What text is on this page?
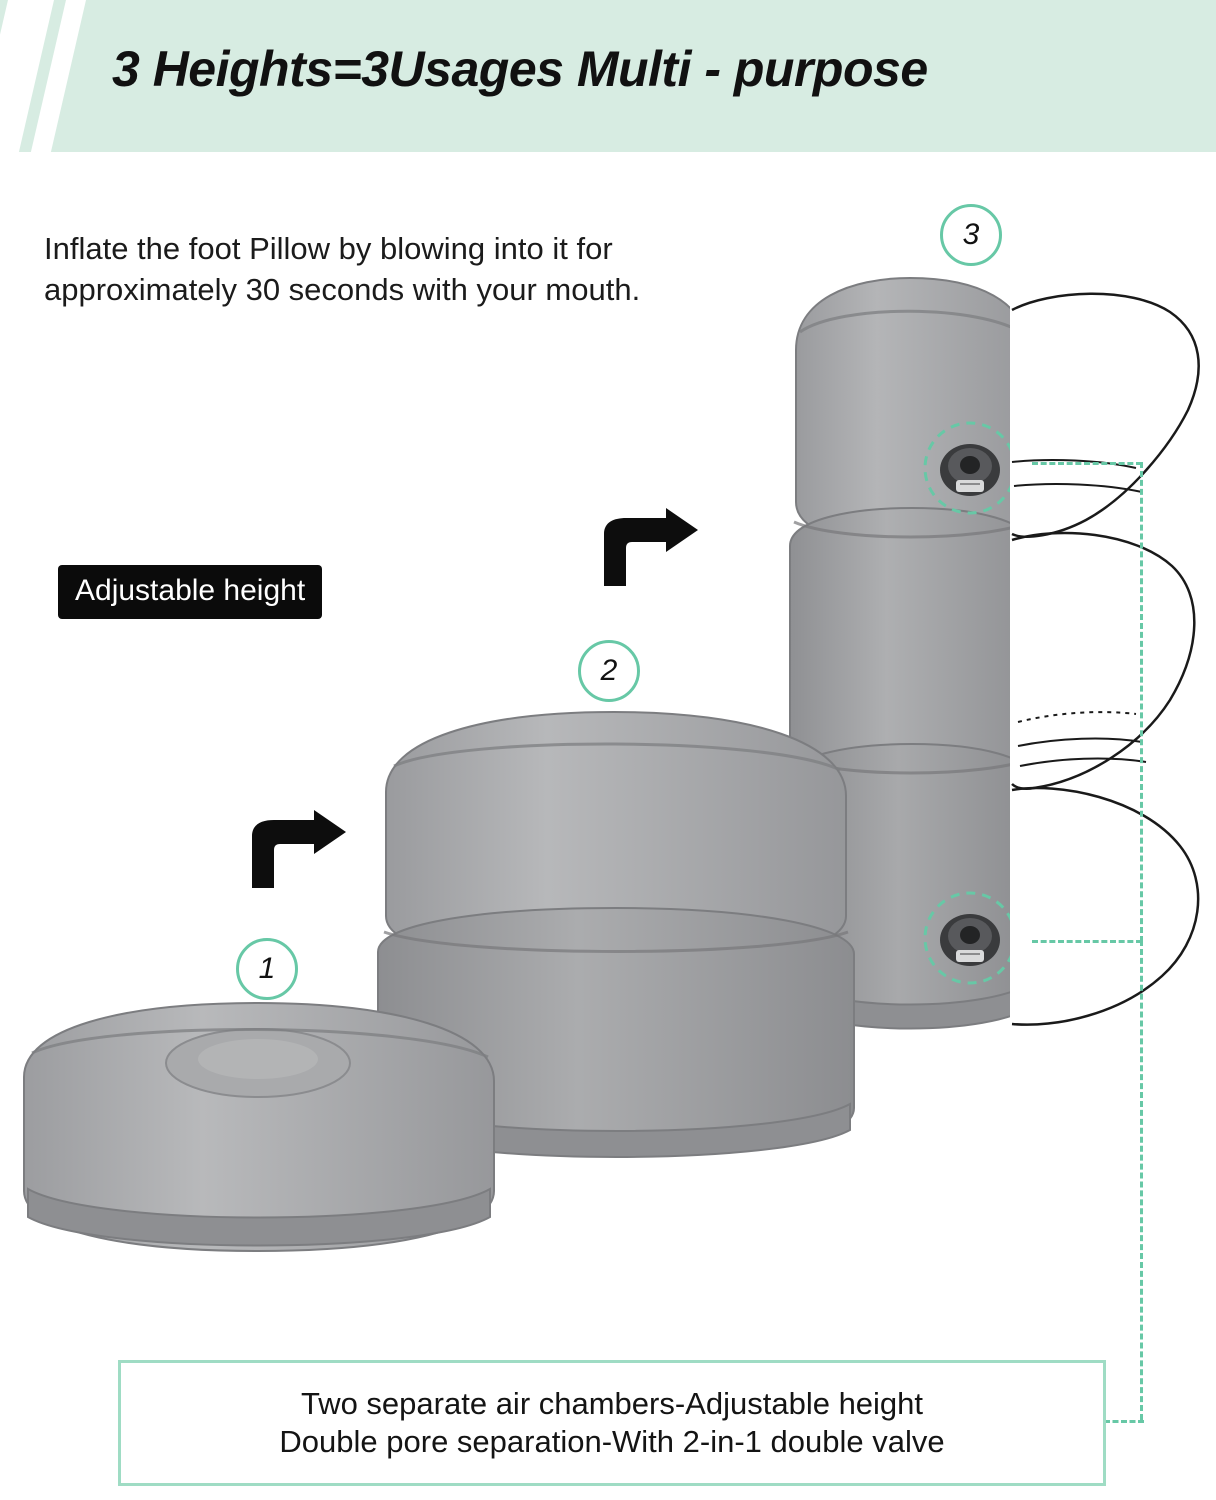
3 Heights=3Usages Multi - purpose
Inflate the foot Pillow by blowing into it for approximately 30 seconds with your mouth.
Adjustable height
1
2
3
Two separate air chambers-Adjustable height
Double pore separation-With 2-in-1 double valve
